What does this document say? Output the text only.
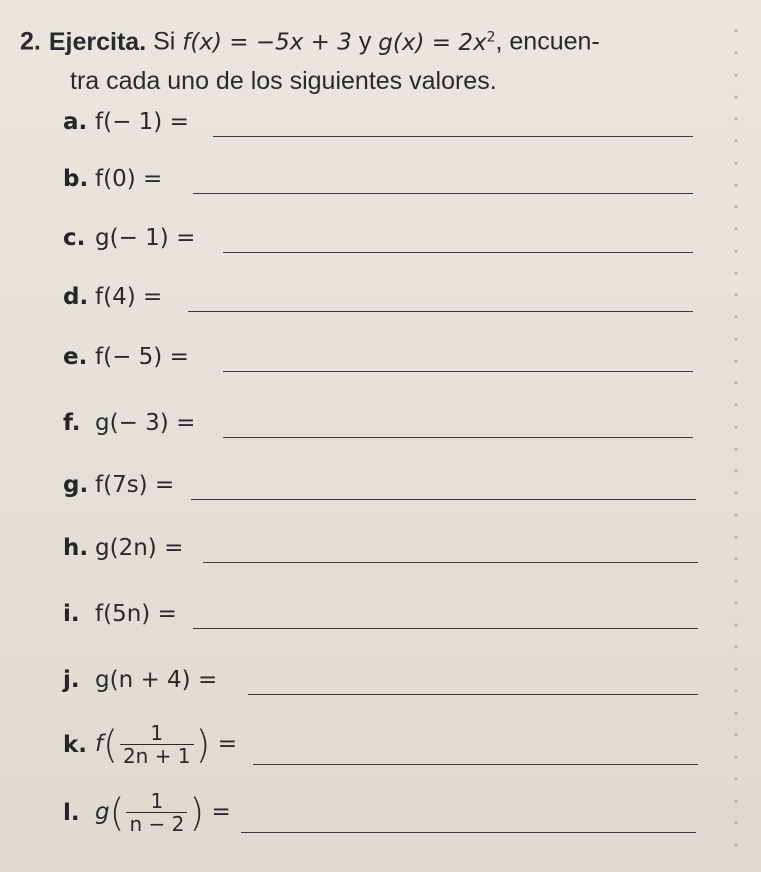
2. Ejercita. Si f(x) = −5x + 3 y $g(x) = 2x^2$, encuen-
tra cada uno de los siguientes valores.
a. f(− 1) =
b. f(0) =
c. g(− 1) =
d. f(4) =
e. f(− 5) =
f. g(− 3) =
g. f(7s) =
h. g(2n) =
i. f(5n) =
j. g(n + 4) =
k. $f( \frac{1}{2n + 1}$ ) =
l. $g( \frac{1}{n - 2}$ ) =
